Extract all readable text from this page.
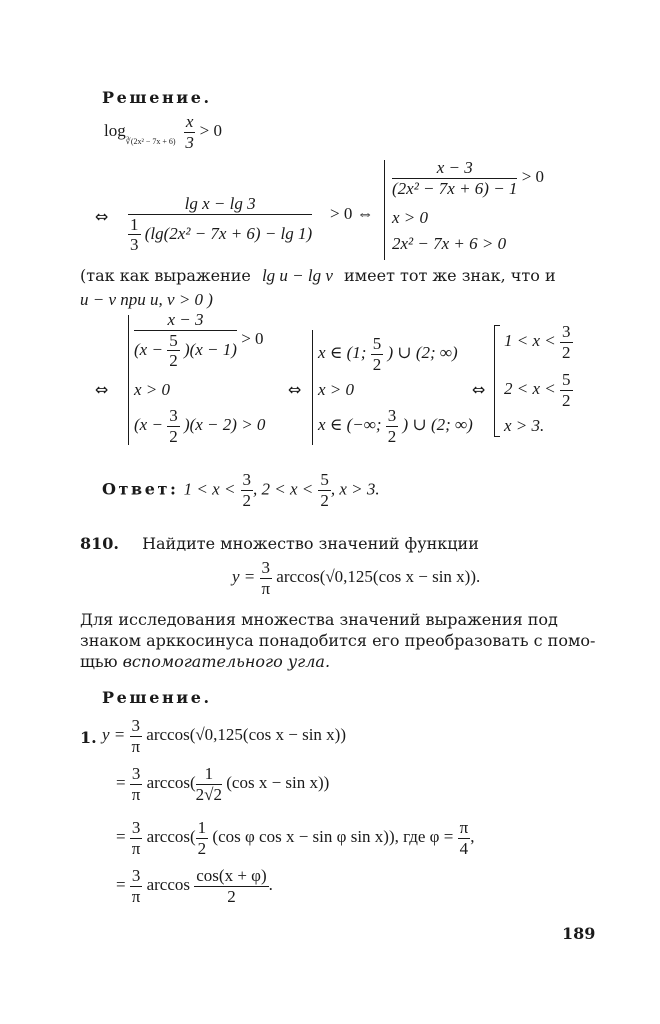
Решение.
$\log_{∛(2x^2 - 7x + 6)} \frac{x}{3} > 0$
⇔ $\frac{\text{lg x − lg 3}}{\frac{1}{3} (\lg(2x^2 - 7x + 6) - \lg 1)} > 0$ ⇔
$\frac{x - 3}{\text{(2x² − 7x + 6) − 1}} > 0$
x > 0
2x² − 7x + 6 > 0
(так как выражение lg u − lg v имеет тот же знак, что и
u − v при u, v > 0 )
⇔
$\frac{x - 3}{(x - \frac{5}{2} )(x - 1)} > 0$
x > 0
$(x - \frac{3}{2} )(x - 2) > 0$
⇔
x ∈ (1; $\frac{5}{2}$ ) ∪ (2; ∞)
x > 0
x ∈ (−∞; $\frac{3}{2}$ ) ∪ (2; ∞)
⇔
$1 < x < \frac{3}{2}$
$2 < x < \frac{5}{2}$
x > 3.
Ответ: $1 < x < \frac{3}{2}$ , $2 < x < \frac{5}{2}$ , x > 3.
810. Найдите множество значений функции
$y = \frac{3}{\pi} \arccos(√0,125(\cos$ x − sin x)).
Для исследования множества значений выражения под
знаком арккосинуса понадобится его преобразовать с помо-
щью вспомогательного угла.
Решение.
1. $y = \frac{3}{\pi} \arccos(√0,125(\cos$ x − sin x))
= $\frac{3}{\pi} \arccos( \frac{1}{2√2} (\cos$ x − sin x))
= $\frac{3}{\pi} \arccos( \frac{1}{2} (\cos$ φ cos x − sin φ sin x)), где $\varphi = \frac{\pi}{4}$ ,
= $\frac{3}{\pi}$ $\arccos \frac{\cos(x + \varphi)}{2}$ .
189
